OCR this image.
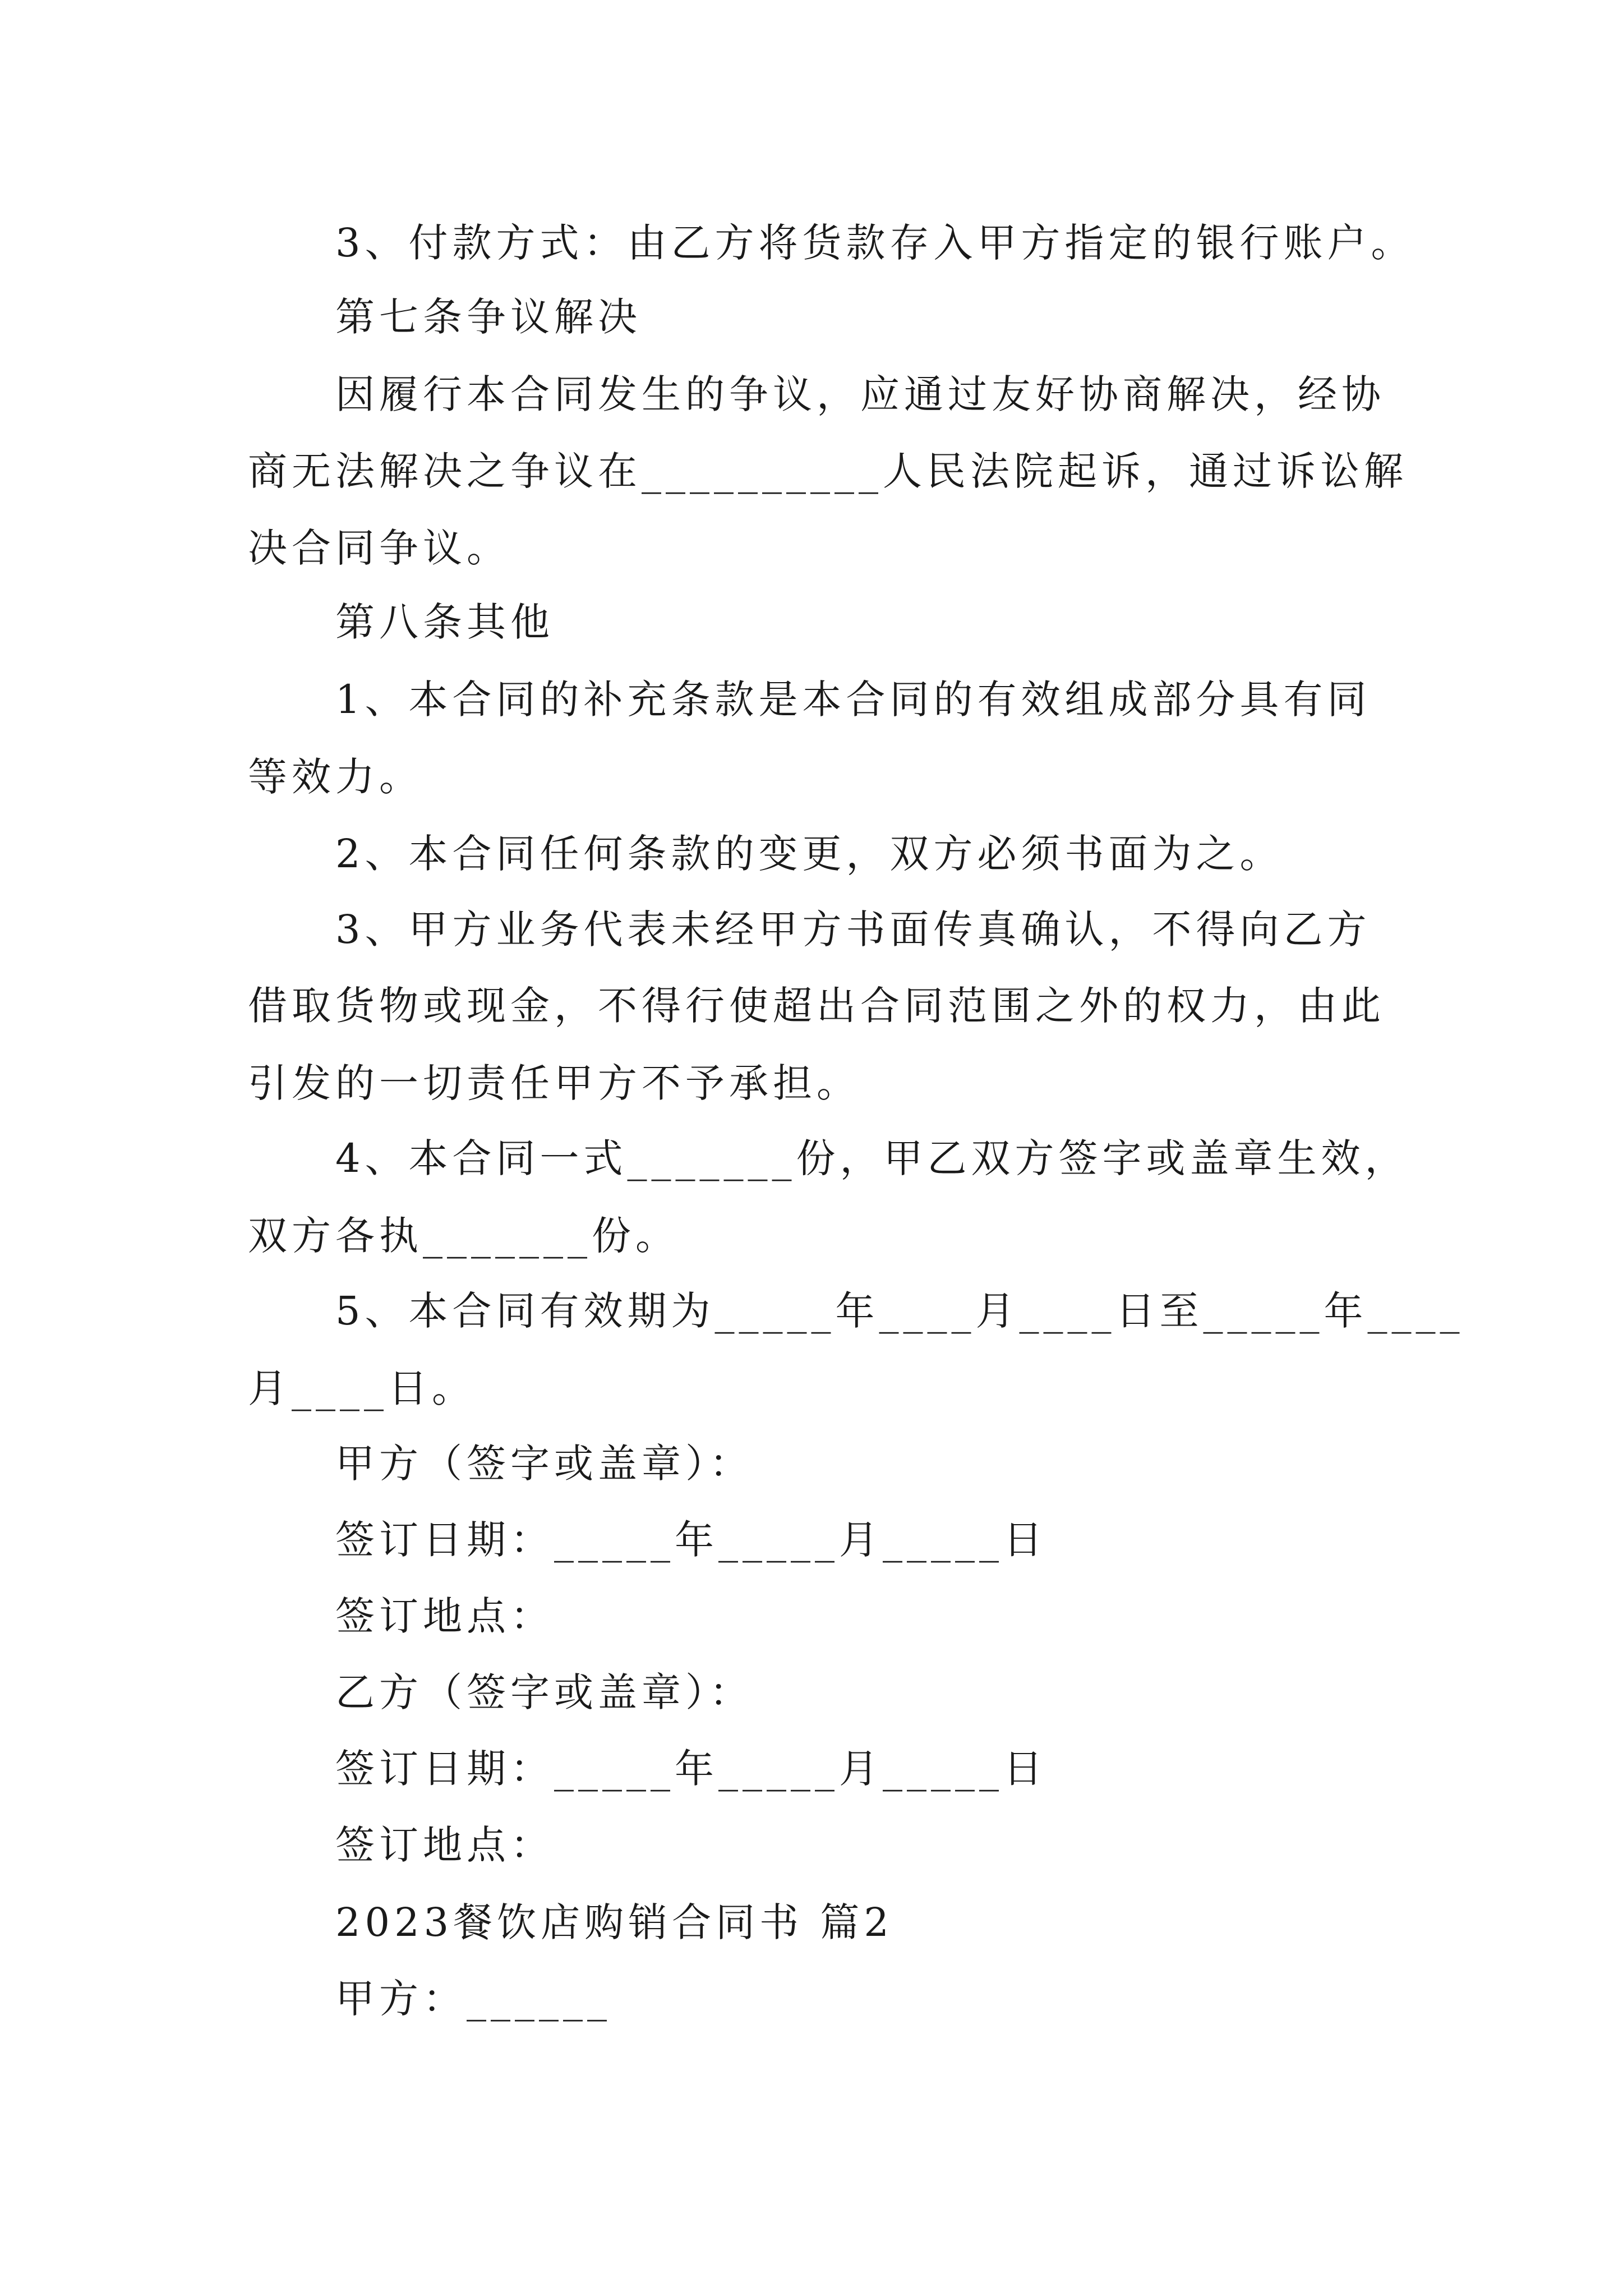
3、付款方式：由乙方将货款存入甲方指定的银行账户。
第七条争议解决
因履行本合同发生的争议，应通过友好协商解决，经协
商无法解决之争议在__________人民法院起诉，通过诉讼解
决合同争议。
第八条其他
1、本合同的补充条款是本合同的有效组成部分具有同
等效力。
2、本合同任何条款的变更，双方必须书面为之。
3、甲方业务代表未经甲方书面传真确认，不得向乙方
借取货物或现金，不得行使超出合同范围之外的权力，由此
引发的一切责任甲方不予承担。
4、本合同一式_______份，甲乙双方签字或盖章生效，
双方各执_______份。
5、本合同有效期为_____年____月____日至_____年____
月____日。
甲方（签字或盖章）：
签订日期：_____年_____月_____日
签订地点：
乙方（签字或盖章）：
签订日期：_____年_____月_____日
签订地点：
2023餐饮店购销合同书 篇2
甲方：______
